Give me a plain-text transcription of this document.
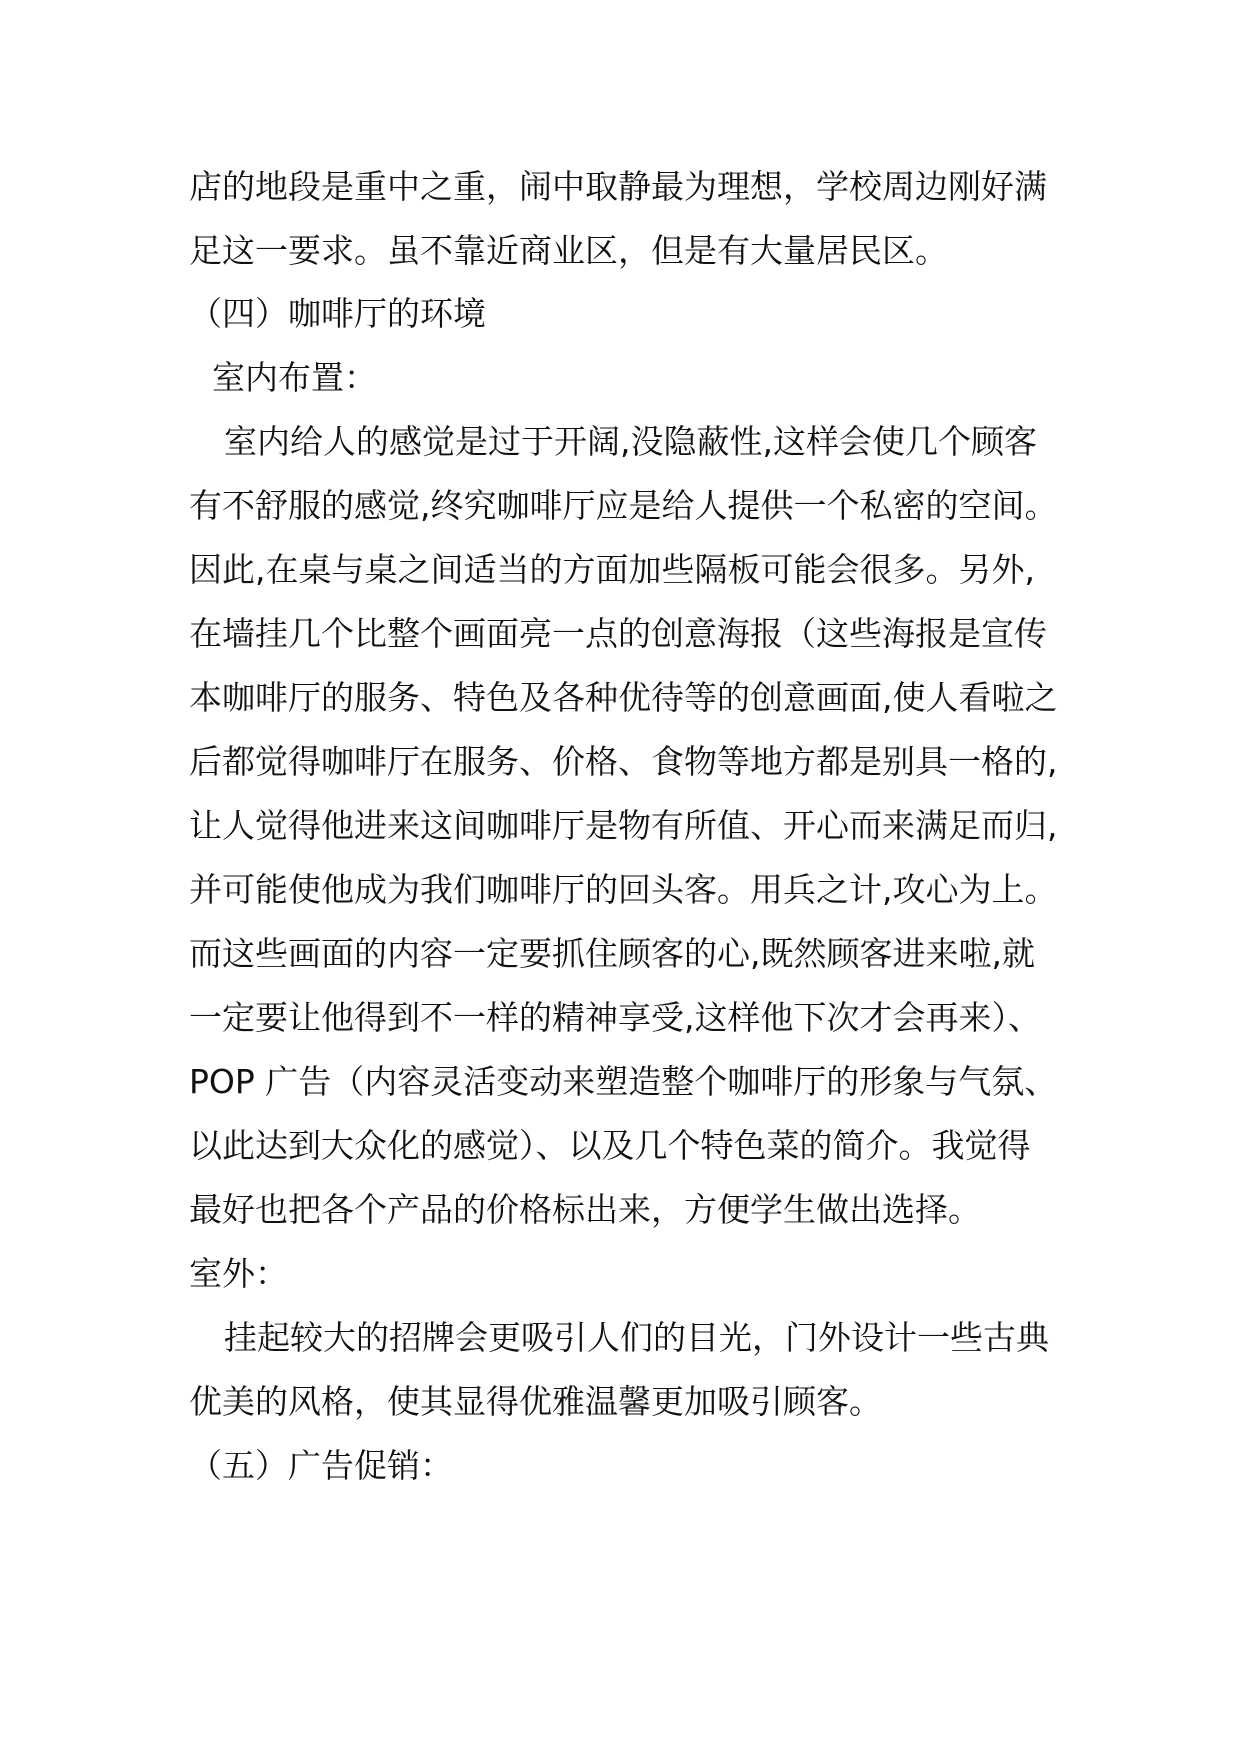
店的地段是重中之重，闹中取静最为理想，学校周边刚好满
足这一要求。虽不靠近商业区，但是有大量居民区。
（四）咖啡厅的环境
室内布置：
室内给人的感觉是过于开阔,没隐蔽性,这样会使几个顾客
有不舒服的感觉,终究咖啡厅应是给人提供一个私密的空间。
因此,在桌与桌之间适当的方面加些隔板可能会很多。另外,
在墙挂几个比整个画面亮一点的创意海报（这些海报是宣传
本咖啡厅的服务、特色及各种优待等的创意画面,使人看啦之
后都觉得咖啡厅在服务、价格、食物等地方都是别具一格的,
让人觉得他进来这间咖啡厅是物有所值、开心而来满足而归,
并可能使他成为我们咖啡厅的回头客。用兵之计,攻心为上。
而这些画面的内容一定要抓住顾客的心,既然顾客进来啦,就
一定要让他得到不一样的精神享受,这样他下次才会再来）、
POP 广告（内容灵活变动来塑造整个咖啡厅的形象与气氛、
以此达到大众化的感觉）、以及几个特色菜的简介。我觉得
最好也把各个产品的价格标出来，方便学生做出选择。
室外：
挂起较大的招牌会更吸引人们的目光，门外设计一些古典
优美的风格，使其显得优雅温馨更加吸引顾客。
（五）广告促销：
